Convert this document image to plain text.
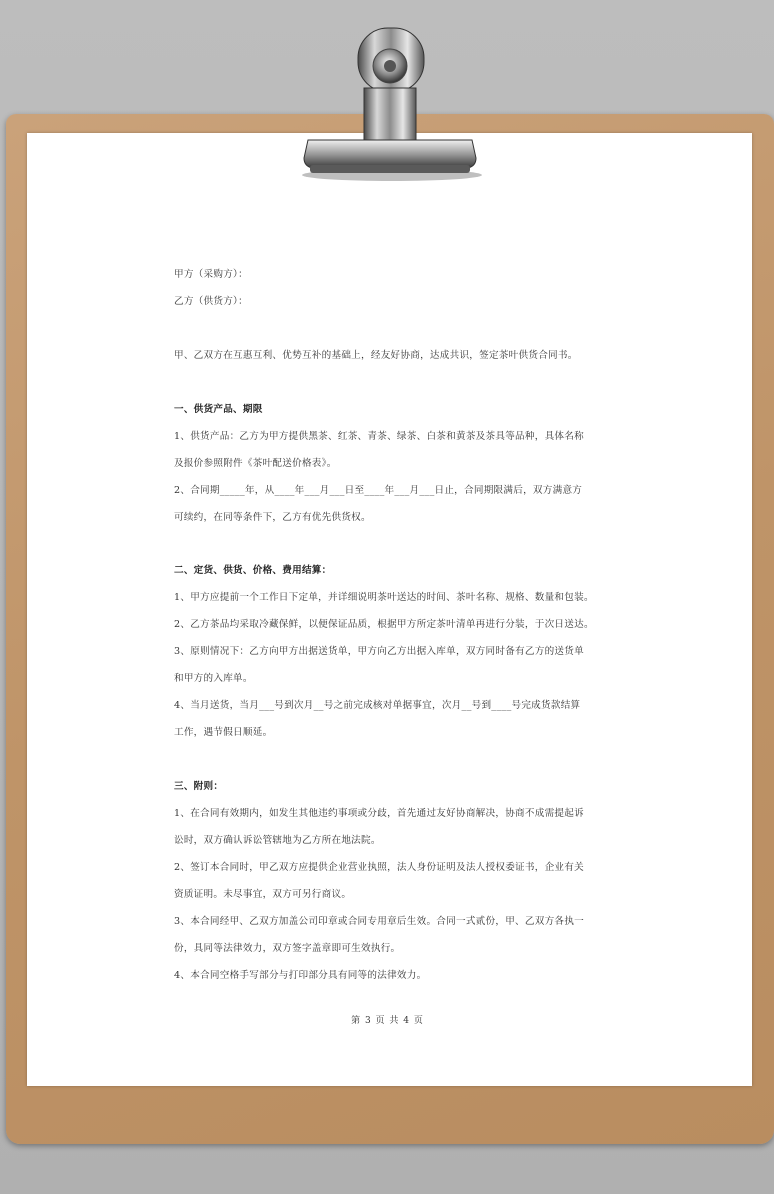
甲方（采购方）：
乙方（供货方）：
甲、乙双方在互惠互利、优势互补的基础上，经友好协商，达成共识，签定茶叶供货合同书。
一、供货产品、期限
1、供货产品：乙方为甲方提供黑茶、红茶、青茶、绿茶、白茶和黄茶及茶具等品种，具体名称
及报价参照附件《茶叶配送价格表》。
2、合同期_____年，从____年___月___日至____年___月___日止，合同期限满后，双方满意方
可续约，在同等条件下，乙方有优先供货权。
二、定货、供货、价格、费用结算：
1、甲方应提前一个工作日下定单，并详细说明茶叶送达的时间、茶叶名称、规格、数量和包装。
2、乙方茶品均采取冷藏保鲜，以便保证品质，根据甲方所定茶叶清单再进行分装，于次日送达。
3、原则情况下：乙方向甲方出据送货单，甲方向乙方出据入库单，双方同时备有乙方的送货单
和甲方的入库单。
4、当月送货，当月___号到次月__号之前完成核对单据事宜，次月__号到____号完成货款结算
工作，遇节假日顺延。
三、附则：
1、在合同有效期内，如发生其他违约事项或分歧，首先通过友好协商解决，协商不成需提起诉
讼时，双方确认诉讼管辖地为乙方所在地法院。
2、签订本合同时，甲乙双方应提供企业营业执照，法人身份证明及法人授权委证书，企业有关
资质证明。未尽事宜，双方可另行商议。
3、本合同经甲、乙双方加盖公司印章或合同专用章后生效。合同一式贰份，甲、乙双方各执一
份，具同等法律效力，双方签字盖章即可生效执行。
4、本合同空格手写部分与打印部分具有同等的法律效力。
第 3 页 共 4 页
